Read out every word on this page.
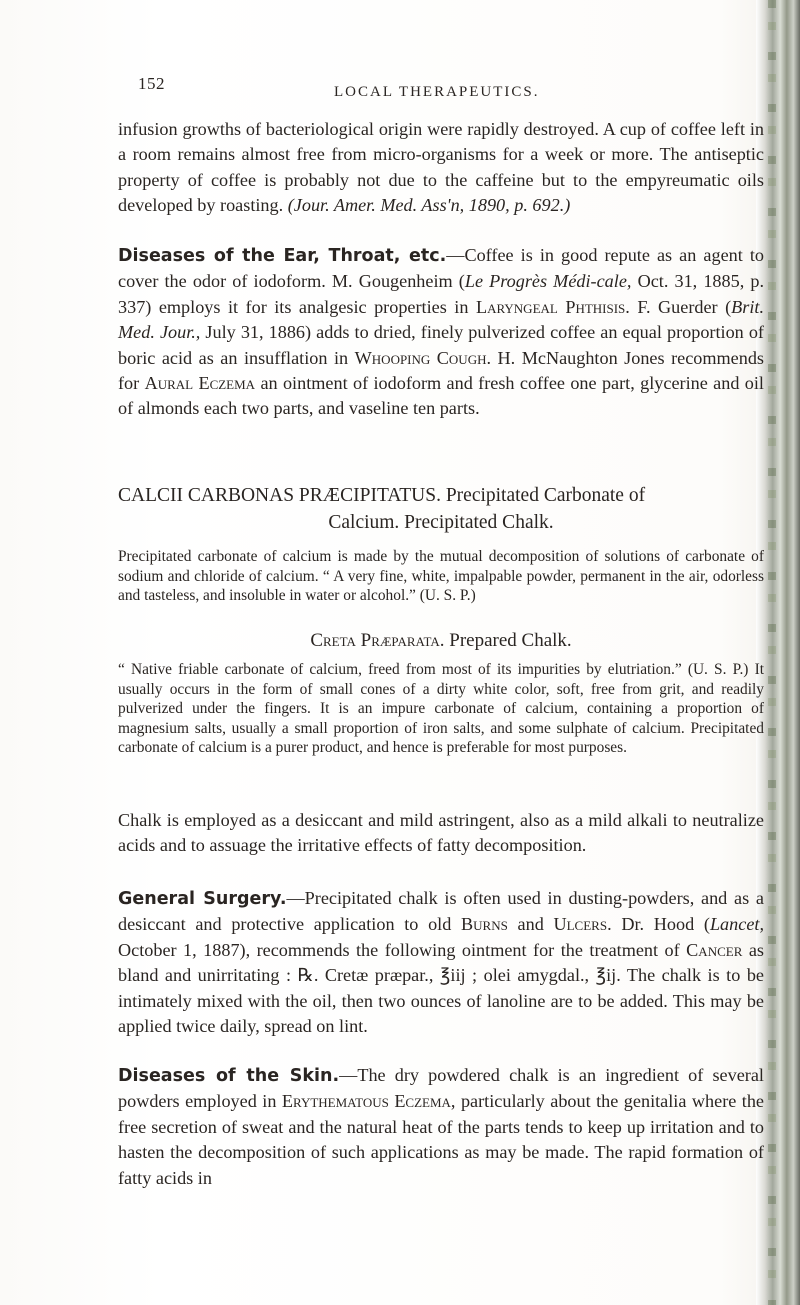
152	LOCAL THERAPEUTICS.

infusion growths of bacteriological origin were rapidly destroyed. A cup of coffee left in a room remains almost free from micro-organisms for a week or more. The antiseptic property of coffee is probably not due to the caffeine but to the empyreumatic oils developed by roasting. (Jour. Amer. Med. Ass'n, 1890, p. 692.)

Diseases of the Ear, Throat, etc.—Coffee is in good repute as an agent to cover the odor of iodoform. M. Gougenheim (Le Progrès Médi-cale, Oct. 31, 1885, p. 337) employs it for its analgesic properties in Laryngeal Phthisis. F. Guerder (Brit. Med. Jour., July 31, 1886) adds to dried, finely pulverized coffee an equal proportion of boric acid as an insufflation in Whooping Cough. H. McNaughton Jones recommends for Aural Eczema an ointment of iodoform and fresh coffee one part, glycerine and oil of almonds each two parts, and vaseline ten parts.

CALCII CARBONAS PRÆCIPITATUS. Precipitated Carbonate of
Calcium. Precipitated Chalk.

Precipitated carbonate of calcium is made by the mutual decomposition of solutions of carbonate of sodium and chloride of calcium. “ A very fine, white, impalpable powder, permanent in the air, odorless and tasteless, and insoluble in water or alcohol.” (U. S. P.)

Creta Præparata. Prepared Chalk.

“ Native friable carbonate of calcium, freed from most of its impurities by elutriation.” (U. S. P.) It usually occurs in the form of small cones of a dirty white color, soft, free from grit, and readily pulverized under the fingers. It is an impure carbonate of calcium, containing a proportion of magnesium salts, usually a small proportion of iron salts, and some sulphate of calcium. Precipitated carbonate of calcium is a purer product, and hence is preferable for most purposes.

Chalk is employed as a desiccant and mild astringent, also as a mild alkali to neutralize acids and to assuage the irritative effects of fatty decomposition.

General Surgery.—Precipitated chalk is often used in dusting-powders, and as a desiccant and protective application to old Burns and Ulcers. Dr. Hood (Lancet, October 1, 1887), recommends the following ointment for the treatment of Cancer as bland and unirritating : ℞. Cretæ præpar., ℥iij ; olei amygdal., ℥ij. The chalk is to be intimately mixed with the oil, then two ounces of lanoline are to be added. This may be applied twice daily, spread on lint.

Diseases of the Skin.—The dry powdered chalk is an ingredient of several powders employed in Erythematous Eczema, particularly about the genitalia where the free secretion of sweat and the natural heat of the parts tends to keep up irritation and to hasten the decomposition of such applications as may be made. The rapid formation of fatty acids in
